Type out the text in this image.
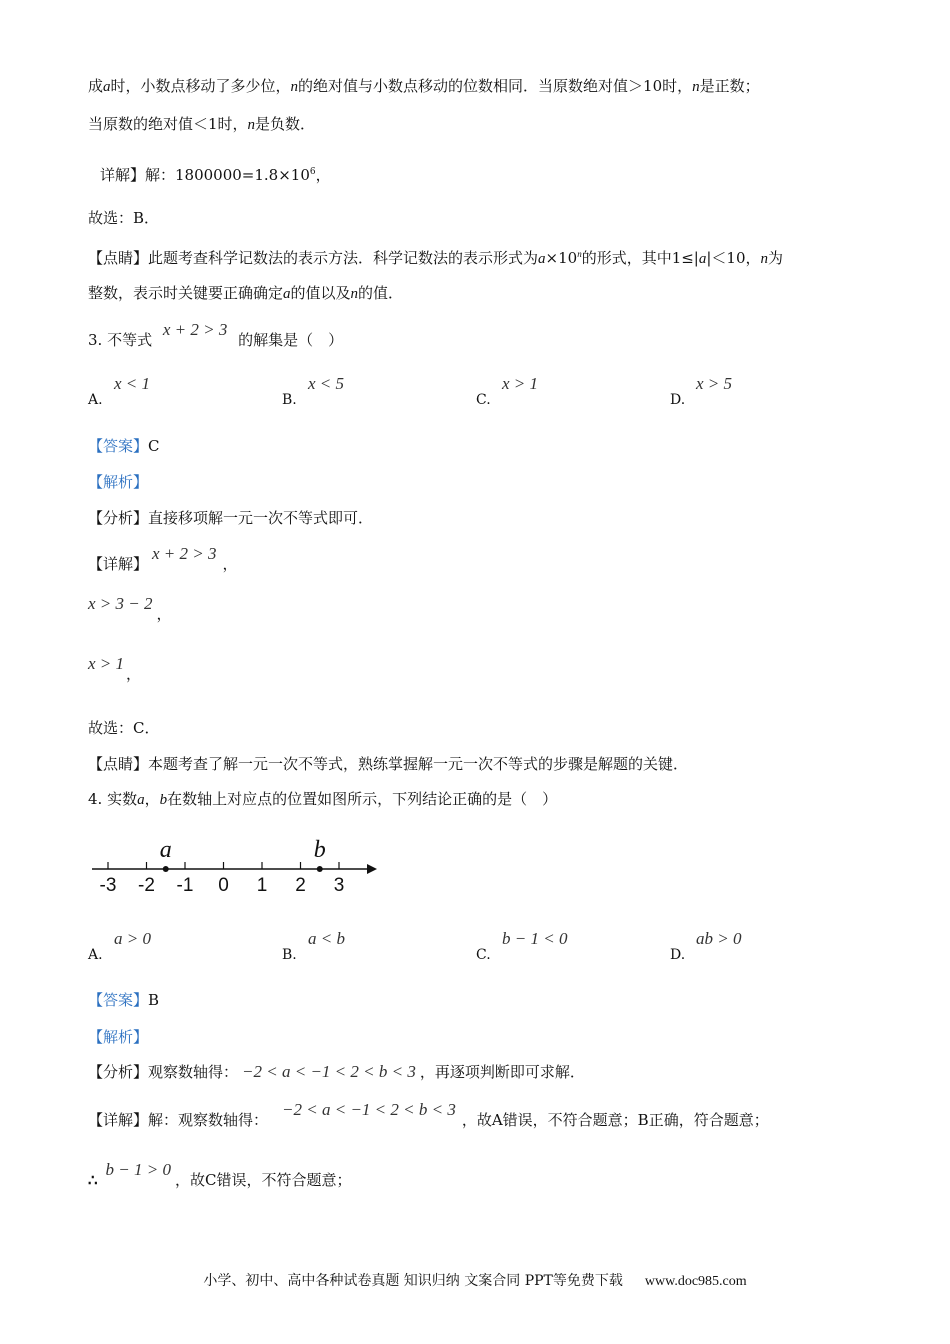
成a时，小数点移动了多少位，n的绝对值与小数点移动的位数相同．当原数绝对值＞10时，n是正数；
当原数的绝对值＜1时，n是负数．
详解】解：$1800000=1.8\times 10^6$，
故选：B．
【点睛】此题考查科学记数法的表示方法．科学记数法的表示形式为$a\times 10^n$的形式，其中1≤|a|＜10，n为
整数，表示时关键要正确确定a的值以及n的值．
3. 不等式 x + 2 > 3 的解集是（　）
A.
x < 1
B.
x < 5
C.
x > 1
D.
x > 5
【答案】C
【解析】
【分析】直接移项解一元一次不等式即可．
【详解】x + 2 > 3，
x > 3 − 2，
x > 1，
故选：C．
【点睛】本题考查了解一元一次不等式，熟练掌握解一元一次不等式的步骤是解题的关键．
4. 实数a，b在数轴上对应点的位置如图所示，下列结论正确的是（　）
-3 -2 -1 0 1 2 3
a	b
A.
a > 0
B.
a < b
C.
b − 1 < 0
D.
ab > 0
【答案】B
【解析】
【分析】观察数轴得： −2 < a < −1 < 2 < b < 3 ，再逐项判断即可求解．
【详解】解：观察数轴得：−2 < a < −1 < 2 < b < 3，故A错误，不符合题意；B正确，符合题意；
∴b − 1 > 0，故C错误，不符合题意；
小学、初中、高中各种试卷真题 知识归纳 文案合同 PPT等免费下载 www.doc985.com
